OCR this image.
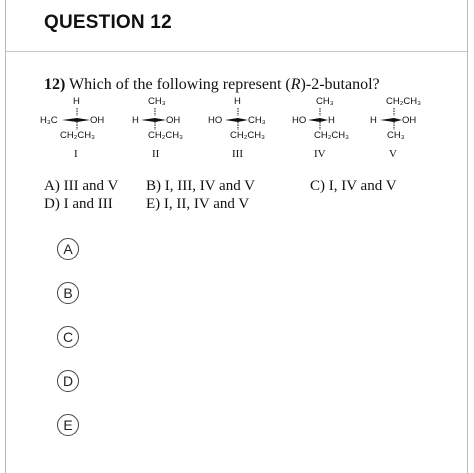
QUESTION 12
12) Which of the following represent (R)-2-butanol?
H
H₃C	OH
CH₂CH₃
I
CH₃
H	OH
CH₂CH₃
II
H
HO	CH₃
CH₂CH₃
III
CH₃
HO H
CH₂CH₃
IV
CH₂CH₃
H	OH
CH₃
V
A) III and V B) I, III, IV and V	C) I, IV and V
D) I and III E) I, II, IV and V
A
B
C
D
E
